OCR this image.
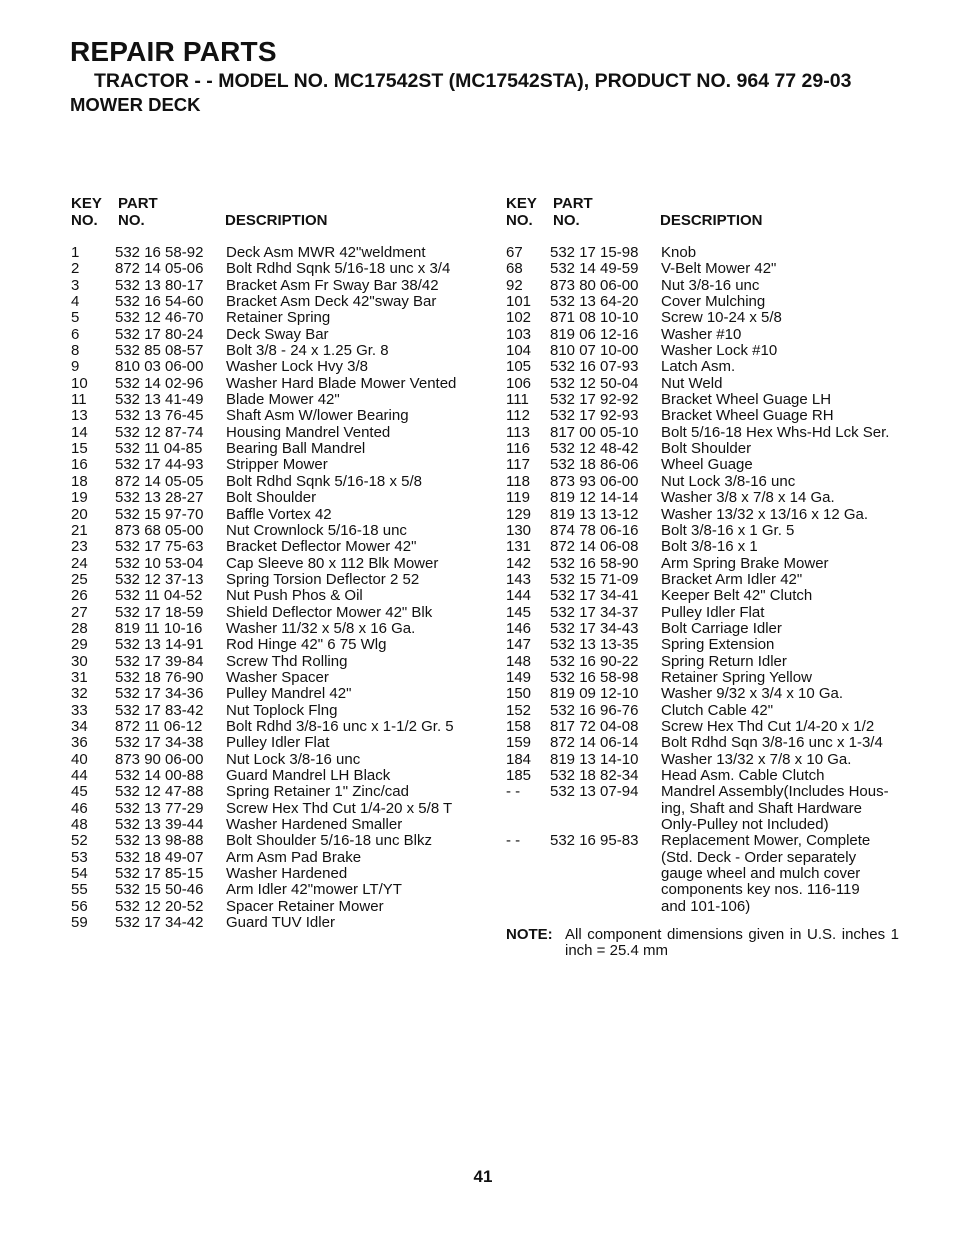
REPAIR PARTS
TRACTOR - - MODEL NO. MC17542ST (MC17542STA), PRODUCT NO. 964 77 29-03
MOWER DECK
KEY
NO.
PART
NO.	DESCRIPTION
1 532 16 58-92 Deck Asm MWR 42"weldment
2 872 14 05-06 Bolt Rdhd Sqnk 5/16-18 unc x 3/4
3 532 13 80-17 Bracket Asm Fr Sway Bar 38/42
4 532 16 54-60 Bracket Asm Deck 42"sway Bar
5 532 12 46-70 Retainer Spring
6 532 17 80-24 Deck Sway Bar
8 532 85 08-57 Bolt 3/8 - 24 x 1.25 Gr. 8
9 810 03 06-00 Washer Lock Hvy 3/8
10 532 14 02-96 Washer Hard Blade Mower Vented
11 532 13 41-49 Blade Mower 42"
13 532 13 76-45 Shaft Asm W/lower Bearing
14 532 12 87-74 Housing Mandrel Vented
15 532 11 04-85 Bearing Ball Mandrel
16 532 17 44-93 Stripper Mower
18 872 14 05-05 Bolt Rdhd Sqnk 5/16-18 x 5/8
19 532 13 28-27 Bolt Shoulder
20 532 15 97-70 Baffle Vortex 42
21 873 68 05-00 Nut Crownlock 5/16-18 unc
23 532 17 75-63 Bracket Deflector Mower 42"
24 532 10 53-04 Cap Sleeve 80 x 112 Blk Mower
25 532 12 37-13 Spring Torsion Deflector 2 52
26 532 11 04-52 Nut Push Phos & Oil
27 532 17 18-59 Shield Deflector Mower 42" Blk
28 819 11 10-16 Washer 11/32 x 5/8 x 16 Ga.
29 532 13 14-91 Rod Hinge 42" 6 75 Wlg
30 532 17 39-84 Screw Thd Rolling
31 532 18 76-90 Washer Spacer
32 532 17 34-36 Pulley Mandrel 42"
33 532 17 83-42 Nut Toplock Flng
34 872 11 06-12 Bolt Rdhd 3/8-16 unc x 1-1/2 Gr. 5
36 532 17 34-38 Pulley Idler Flat
40 873 90 06-00 Nut Lock 3/8-16 unc
44 532 14 00-88 Guard Mandrel LH Black
45 532 12 47-88 Spring Retainer 1" Zinc/cad
46 532 13 77-29 Screw Hex Thd Cut 1/4-20 x 5/8 T
48 532 13 39-44 Washer Hardened Smaller
52 532 13 98-88 Bolt Shoulder 5/16-18 unc Blkz
53 532 18 49-07 Arm Asm Pad Brake
54 532 17 85-15 Washer Hardened
55 532 15 50-46 Arm Idler 42"mower LT/YT
56 532 12 20-52 Spacer Retainer Mower
59 532 17 34-42 Guard TUV Idler
KEY
NO.
PART
NO.	DESCRIPTION
67 532 17 15-98 Knob
68 532 14 49-59 V-Belt Mower 42"
92 873 80 06-00 Nut 3/8-16 unc
101 532 13 64-20 Cover Mulching
102 871 08 10-10 Screw 10-24 x 5/8
103 819 06 12-16 Washer #10
104 810 07 10-00 Washer Lock #10
105 532 16 07-93 Latch Asm.
106 532 12 50-04 Nut Weld
111 532 17 92-92 Bracket Wheel Guage LH
112 532 17 92-93 Bracket Wheel Guage RH
113 817 00 05-10 Bolt 5/16-18 Hex Whs-Hd Lck Ser.
116 532 12 48-42 Bolt Shoulder
117 532 18 86-06 Wheel Guage
118 873 93 06-00 Nut Lock 3/8-16 unc
119 819 12 14-14 Washer 3/8 x 7/8 x 14 Ga.
129 819 13 13-12 Washer 13/32 x 13/16 x 12 Ga.
130 874 78 06-16 Bolt 3/8-16 x 1 Gr. 5
131 872 14 06-08 Bolt 3/8-16 x 1
142 532 16 58-90 Arm Spring Brake Mower
143 532 15 71-09 Bracket Arm Idler 42"
144 532 17 34-41 Keeper Belt 42" Clutch
145 532 17 34-37 Pulley Idler Flat
146 532 17 34-43 Bolt Carriage Idler
147 532 13 13-35 Spring Extension
148 532 16 90-22 Spring Return Idler
149 532 16 58-98 Retainer Spring Yellow
150 819 09 12-10 Washer 9/32 x 3/4 x 10 Ga.
152 532 16 96-76 Clutch Cable 42"
158 817 72 04-08 Screw Hex Thd Cut 1/4-20 x 1/2
159 872 14 06-14 Bolt Rdhd Sqn 3/8-16 unc x 1-3/4
184 819 13 14-10 Washer 13/32 x 7/8 x 10 Ga.
185 532 18 82-34 Head Asm. Cable Clutch
- - 532 13 07-94 Mandrel Assembly(Includes Hous-
ing, Shaft and Shaft Hardware
Only-Pulley not Included)
- - 532 16 95-83 Replacement Mower, Complete
(Std. Deck - Order separately
gauge wheel and mulch cover
components key nos. 116-119
and 101-106)
NOTE: All component dimensions given in U.S. inches 1 inch = 25.4 mm
41
